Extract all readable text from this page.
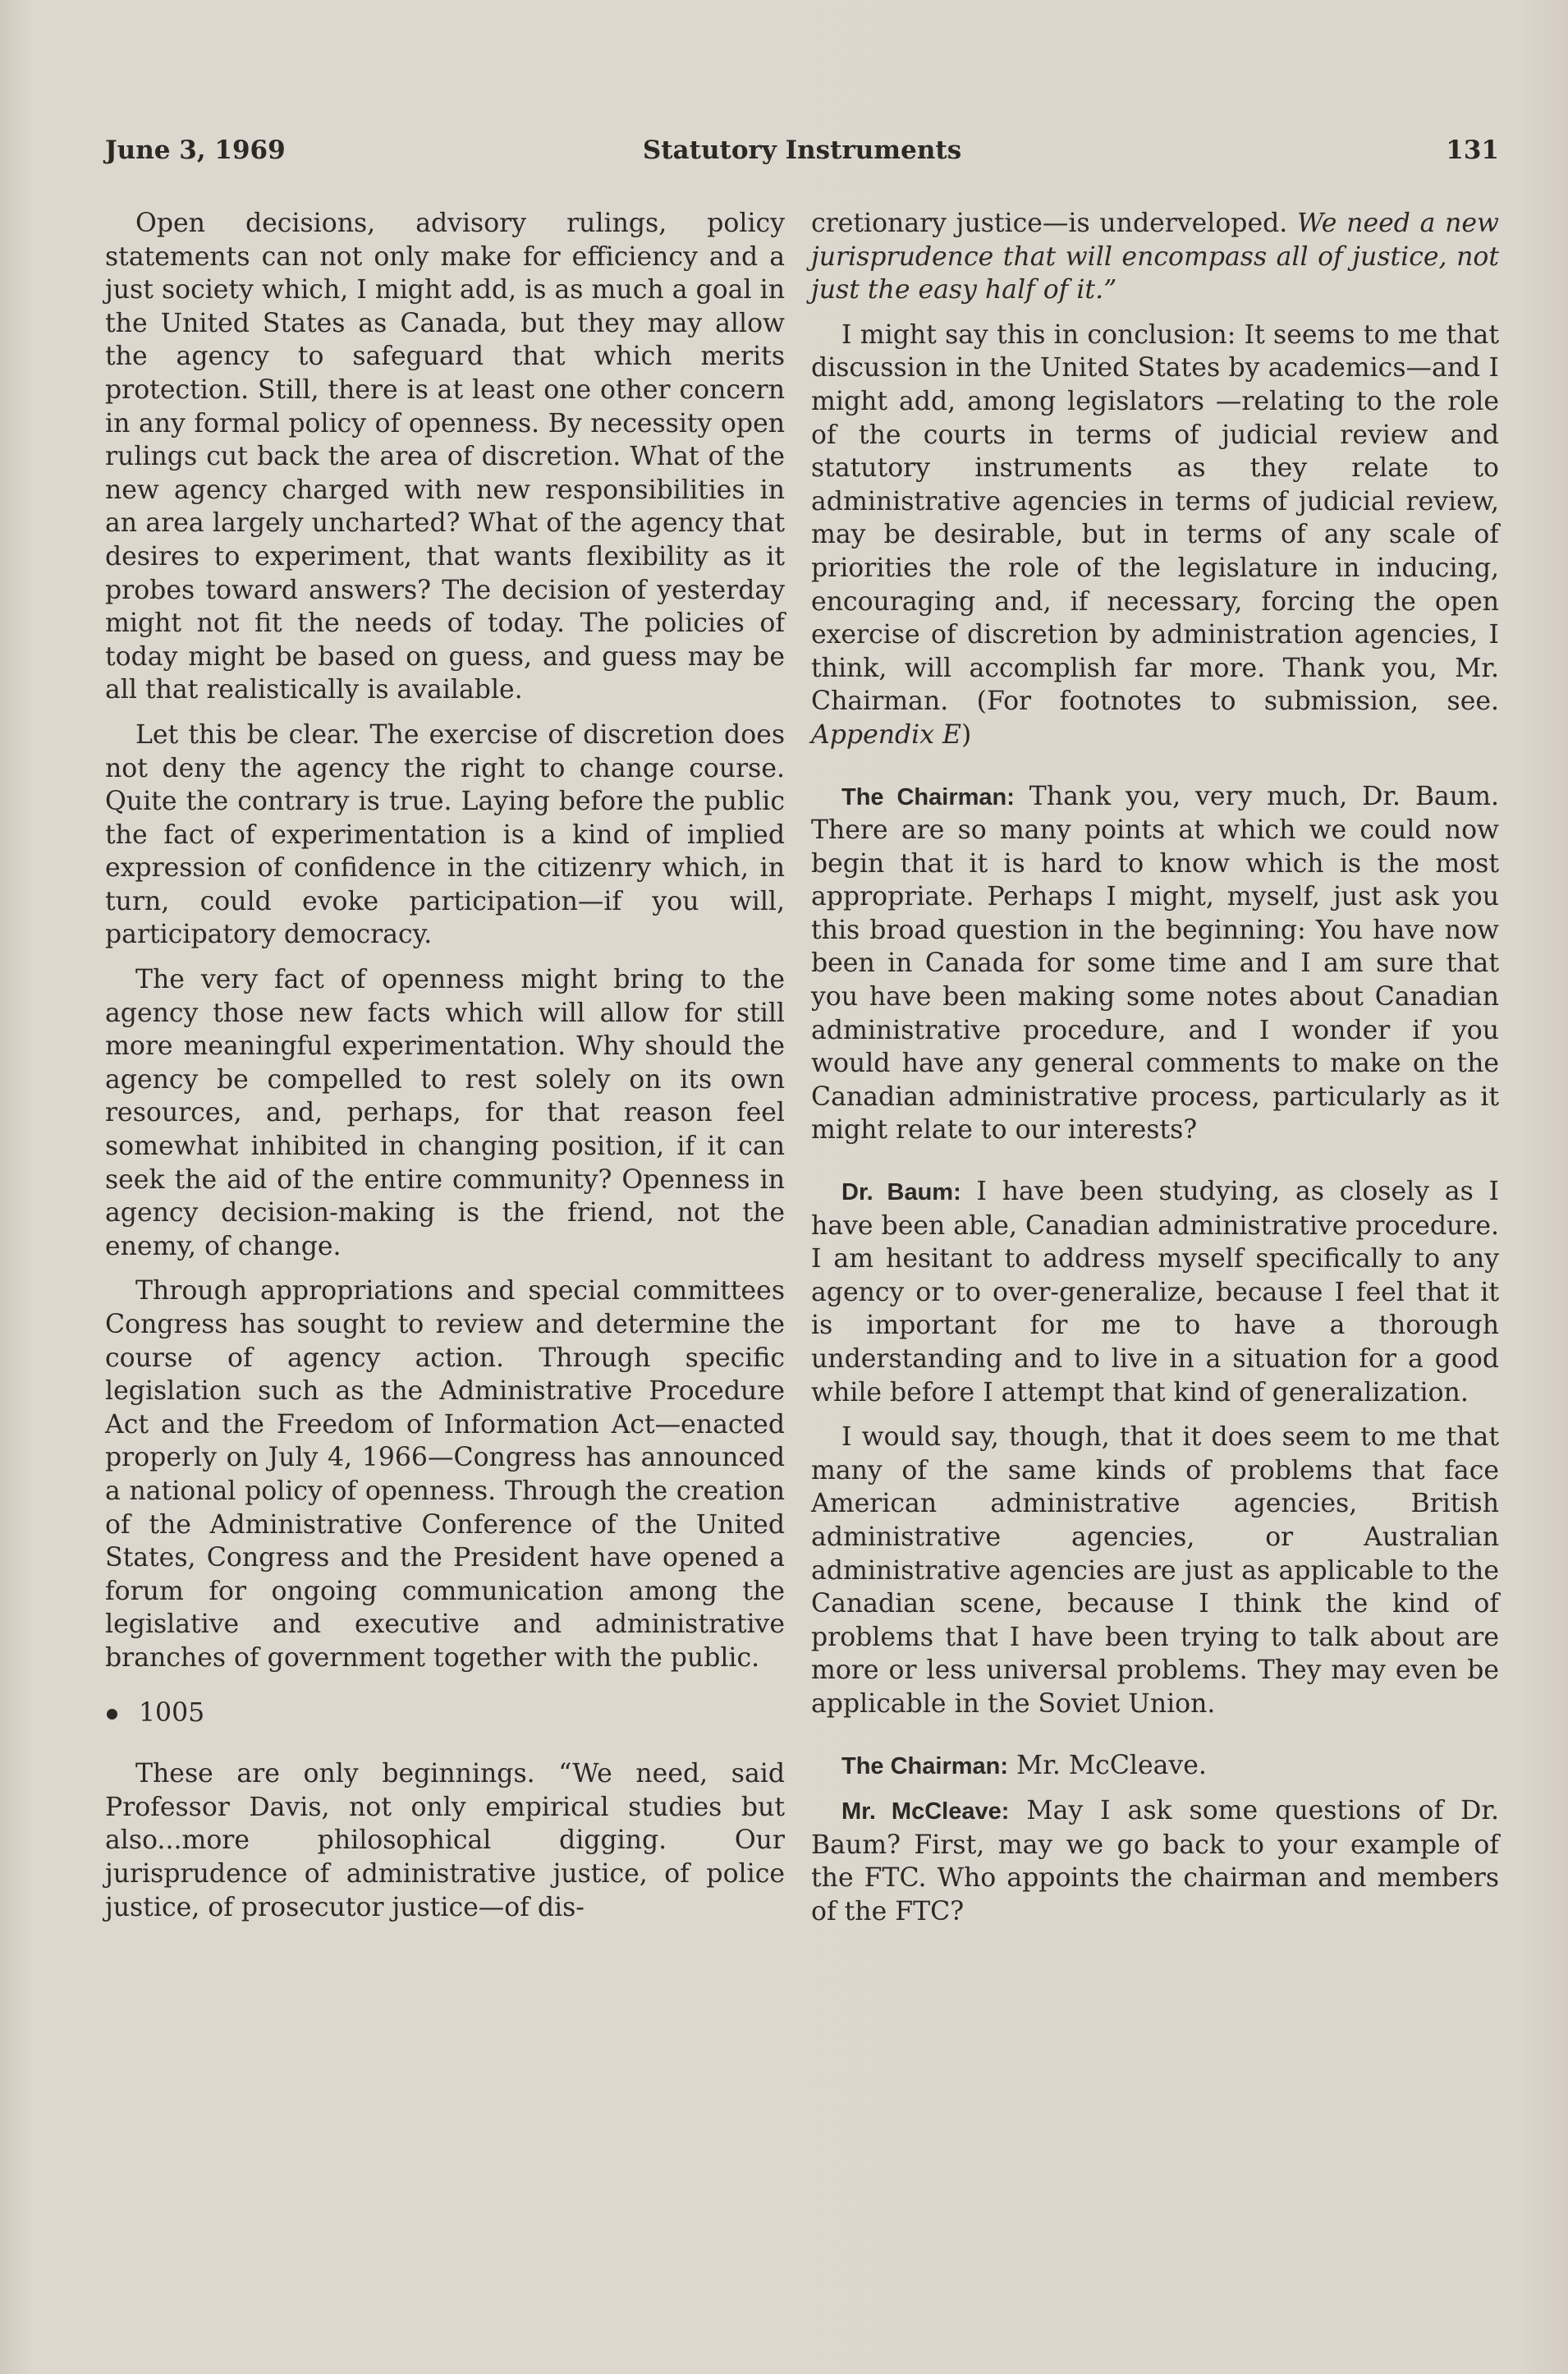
June 3, 1969	Statutory Instruments	131

Open decisions, advisory rulings, policy statements can not only make for efficiency and a just society which, I might add, is as much a goal in the United States as Canada, but they may allow the agency to safeguard that which merits protection. Still, there is at least one other concern in any formal policy of openness. By necessity open rulings cut back the area of discretion. What of the new agency charged with new responsibilities in an area largely uncharted? What of the agency that desires to experiment, that wants flexibility as it probes toward answers? The decision of yesterday might not fit the needs of today. The policies of today might be based on guess, and guess may be all that realistically is available.

Let this be clear. The exercise of discretion does not deny the agency the right to change course. Quite the contrary is true. Laying before the public the fact of experimentation is a kind of implied expression of confidence in the citizenry which, in turn, could evoke participation—if you will, participatory democracy.

The very fact of openness might bring to the agency those new facts which will allow for still more meaningful experimentation. Why should the agency be compelled to rest solely on its own resources, and, perhaps, for that reason feel somewhat inhibited in changing position, if it can seek the aid of the entire community? Openness in agency decision-making is the friend, not the enemy, of change.

Through appropriations and special committees Congress has sought to review and determine the course of agency action. Through specific legislation such as the Administrative Procedure Act and the Freedom of Information Act—enacted properly on July 4, 1966—Congress has announced a national policy of openness. Through the creation of the Administrative Conference of the United States, Congress and the President have opened a forum for ongoing communication among the legislative and executive and administrative branches of government together with the public.

1005

These are only beginnings. “We need, said Professor Davis, not only empirical studies but also...more philosophical digging. Our jurisprudence of administrative justice, of police justice, of prosecutor justice—of dis-

cretionary justice—is underveloped. We need a new jurisprudence that will encompass all of justice, not just the easy half of it.”

I might say this in conclusion: It seems to me that discussion in the United States by academics—and I might add, among legislators —relating to the role of the courts in terms of judicial review and statutory instruments as they relate to administrative agencies in terms of judicial review, may be desirable, but in terms of any scale of priorities the role of the legislature in inducing, encouraging and, if necessary, forcing the open exercise of discretion by administration agencies, I think, will accomplish far more. Thank you, Mr. Chairman. (For footnotes to submission, see. Appendix E)

The Chairman: Thank you, very much, Dr. Baum. There are so many points at which we could now begin that it is hard to know which is the most appropriate. Perhaps I might, myself, just ask you this broad question in the beginning: You have now been in Canada for some time and I am sure that you have been making some notes about Canadian administrative procedure, and I wonder if you would have any general comments to make on the Canadian administrative process, particularly as it might relate to our interests?

Dr. Baum: I have been studying, as closely as I have been able, Canadian administrative procedure. I am hesitant to address myself specifically to any agency or to over-generalize, because I feel that it is important for me to have a thorough understanding and to live in a situation for a good while before I attempt that kind of generalization.

I would say, though, that it does seem to me that many of the same kinds of problems that face American administrative agencies, British administrative agencies, or Australian administrative agencies are just as applicable to the Canadian scene, because I think the kind of problems that I have been trying to talk about are more or less universal problems. They may even be applicable in the Soviet Union.

The Chairman: Mr. McCleave.

Mr. McCleave: May I ask some questions of Dr. Baum? First, may we go back to your example of the FTC. Who appoints the chairman and members of the FTC?
